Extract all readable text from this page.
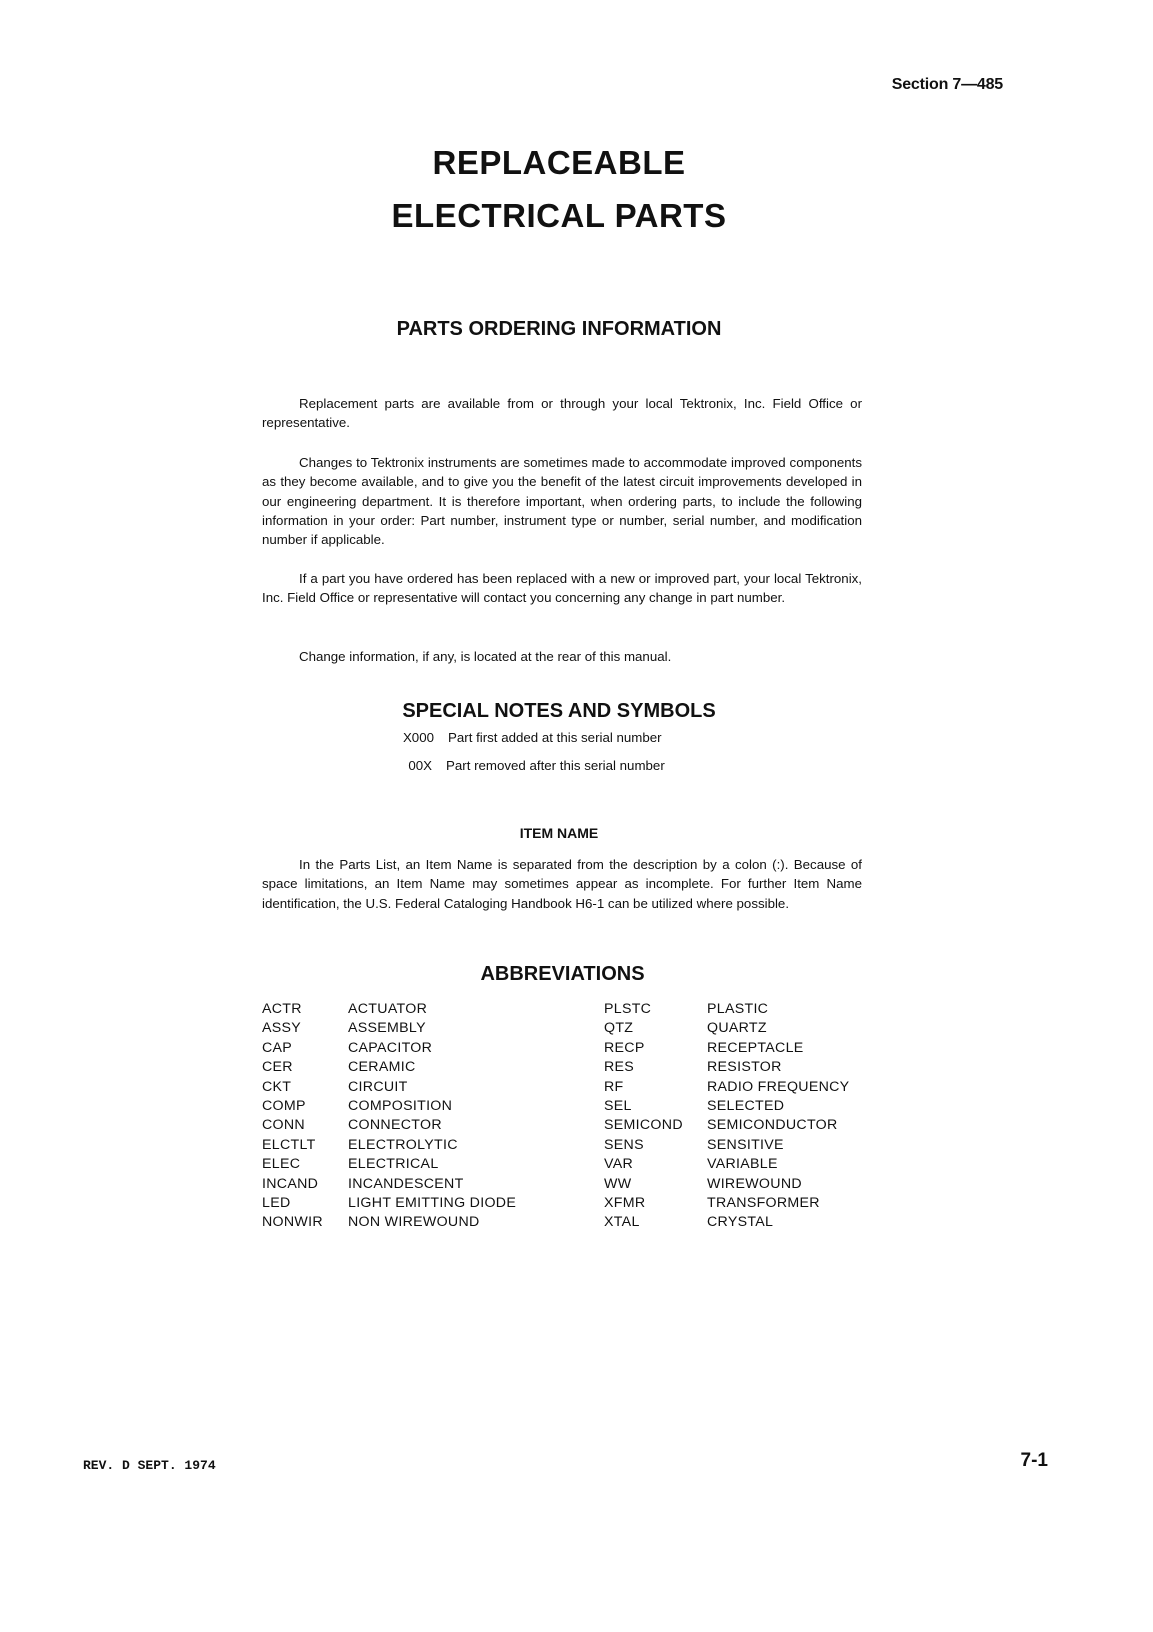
Section 7—485
REPLACEABLE
ELECTRICAL PARTS
PARTS ORDERING INFORMATION

Replacement parts are available from or through your local Tektronix, Inc. Field Office or representative.

Changes to Tektronix instruments are sometimes made to accommodate improved components as they become available, and to give you the benefit of the latest circuit improvements developed in our engineering department. It is therefore important, when ordering parts, to include the following information in your order: Part number, instrument type or number, serial number, and modification number if applicable.

If a part you have ordered has been replaced with a new or improved part, your local Tektronix, Inc. Field Office or representative will contact you concerning any change in part number.

Change information, if any, is located at the rear of this manual.

SPECIAL NOTES AND SYMBOLS
X000 Part first added at this serial number
00X Part removed after this serial number
ITEM NAME

In the Parts List, an Item Name is separated from the description by a colon (:). Because of space limitations, an Item Name may sometimes appear as incomplete. For further Item Name identification, the U.S. Federal Cataloging Handbook H6-1 can be utilized where possible.

ABBREVIATIONS
ACTR	ACTUATOR	PLSTC	PLASTIC
ASSY	ASSEMBLY	QTZ	QUARTZ
CAP	CAPACITOR	RECP	RECEPTACLE
CER	CERAMIC	RES	RESISTOR
CKT	CIRCUIT	RF	RADIO FREQUENCY
COMP	COMPOSITION	SEL	SELECTED
CONN	CONNECTOR	SEMICOND SEMICONDUCTOR
ELCTLT ELECTROLYTIC	SENS	SENSITIVE
ELEC	ELECTRICAL	VAR	VARIABLE
INCAND INCANDESCENT	WW	WIREWOUND
LED	LIGHT EMITTING DIODE	XFMR	TRANSFORMER
NONWIR NON WIREWOUND	XTAL	CRYSTAL
REV. D SEPT. 1974	7-1
